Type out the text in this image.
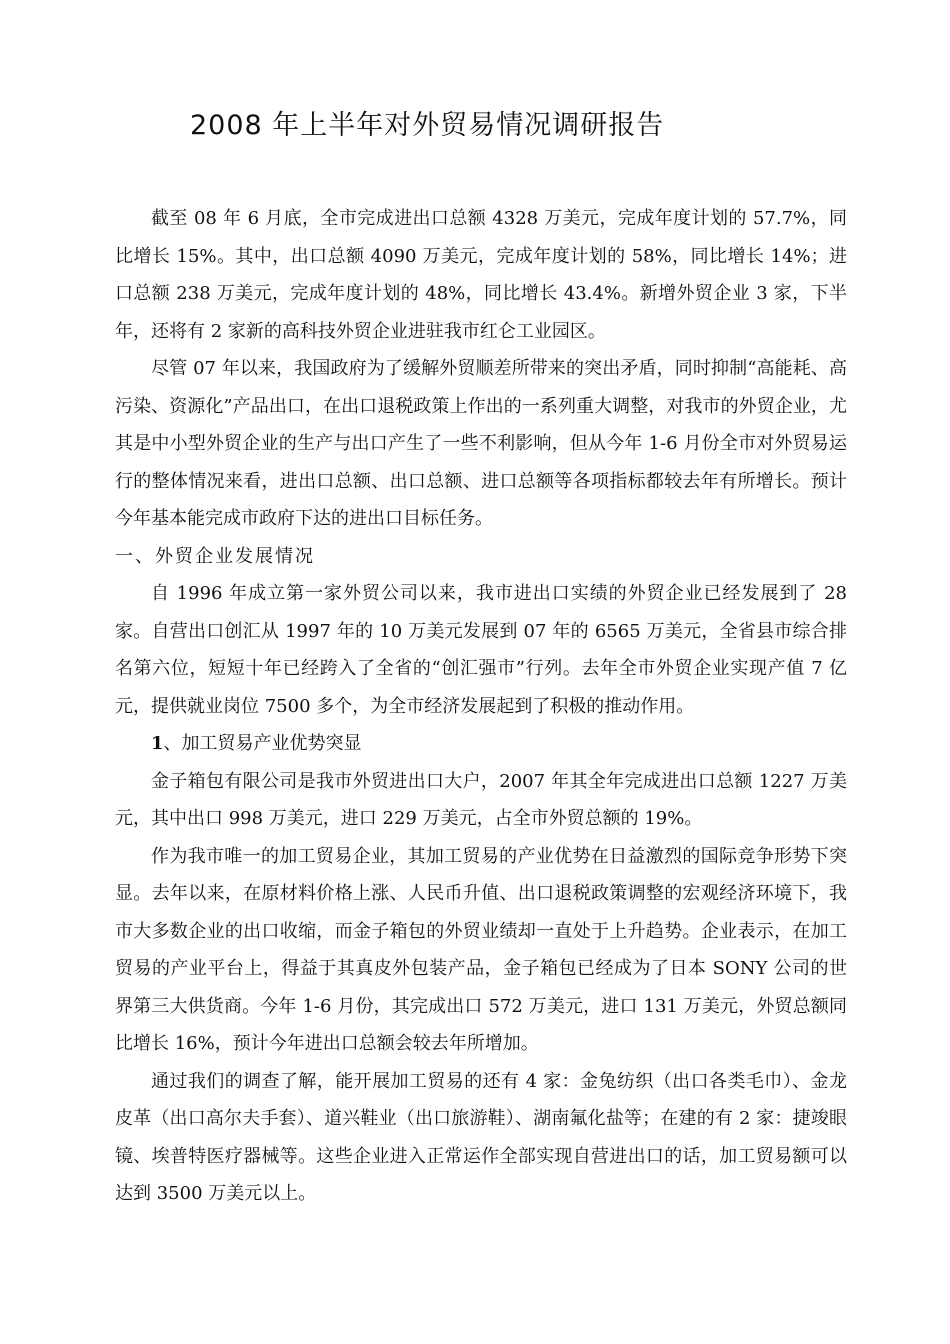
2008 年上半年对外贸易情况调研报告

截至 08 年 6 月底，全市完成进出口总额 4328 万美元，完成年度计划的 57.7%，同比增长 15%。其中，出口总额 4090 万美元，完成年度计划的 58%，同比增长 14%；进口总额 238 万美元，完成年度计划的 48%，同比增长 43.4%。新增外贸企业 3 家，下半年，还将有 2 家新的高科技外贸企业进驻我市红仑工业园区。

尽管 07 年以来，我国政府为了缓解外贸顺差所带来的突出矛盾，同时抑制“高能耗、高污染、资源化”产品出口，在出口退税政策上作出的一系列重大调整，对我市的外贸企业，尤其是中小型外贸企业的生产与出口产生了一些不利影响，但从今年 1-6 月份全市对外贸易运行的整体情况来看，进出口总额、出口总额、进口总额等各项指标都较去年有所增长。预计今年基本能完成市政府下达的进出口目标任务。

一、外贸企业发展情况

自 1996 年成立第一家外贸公司以来，我市进出口实绩的外贸企业已经发展到了 28 家。自营出口创汇从 1997 年的 10 万美元发展到 07 年的 6565 万美元，全省县市综合排名第六位，短短十年已经跨入了全省的“创汇强市”行列。去年全市外贸企业实现产值 7 亿元，提供就业岗位 7500 多个，为全市经济发展起到了积极的推动作用。

1、加工贸易产业优势突显

金子箱包有限公司是我市外贸进出口大户，2007 年其全年完成进出口总额 1227 万美元，其中出口 998 万美元，进口 229 万美元，占全市外贸总额的 19%。

作为我市唯一的加工贸易企业，其加工贸易的产业优势在日益激烈的国际竞争形势下突显。去年以来，在原材料价格上涨、人民币升值、出口退税政策调整的宏观经济环境下，我市大多数企业的出口收缩，而金子箱包的外贸业绩却一直处于上升趋势。企业表示，在加工贸易的产业平台上，得益于其真皮外包装产品，金子箱包已经成为了日本 SONY 公司的世界第三大供货商。今年 1-6 月份，其完成出口 572 万美元，进口 131 万美元，外贸总额同比增长 16%，预计今年进出口总额会较去年所增加。

通过我们的调查了解，能开展加工贸易的还有 4 家：金兔纺织（出口各类毛巾）、金龙皮革（出口高尔夫手套）、道兴鞋业（出口旅游鞋）、湖南氟化盐等；在建的有 2 家：捷竣眼镜、埃普特医疗器械等。这些企业进入正常运作全部实现自营进出口的话，加工贸易额可以达到 3500 万美元以上。
